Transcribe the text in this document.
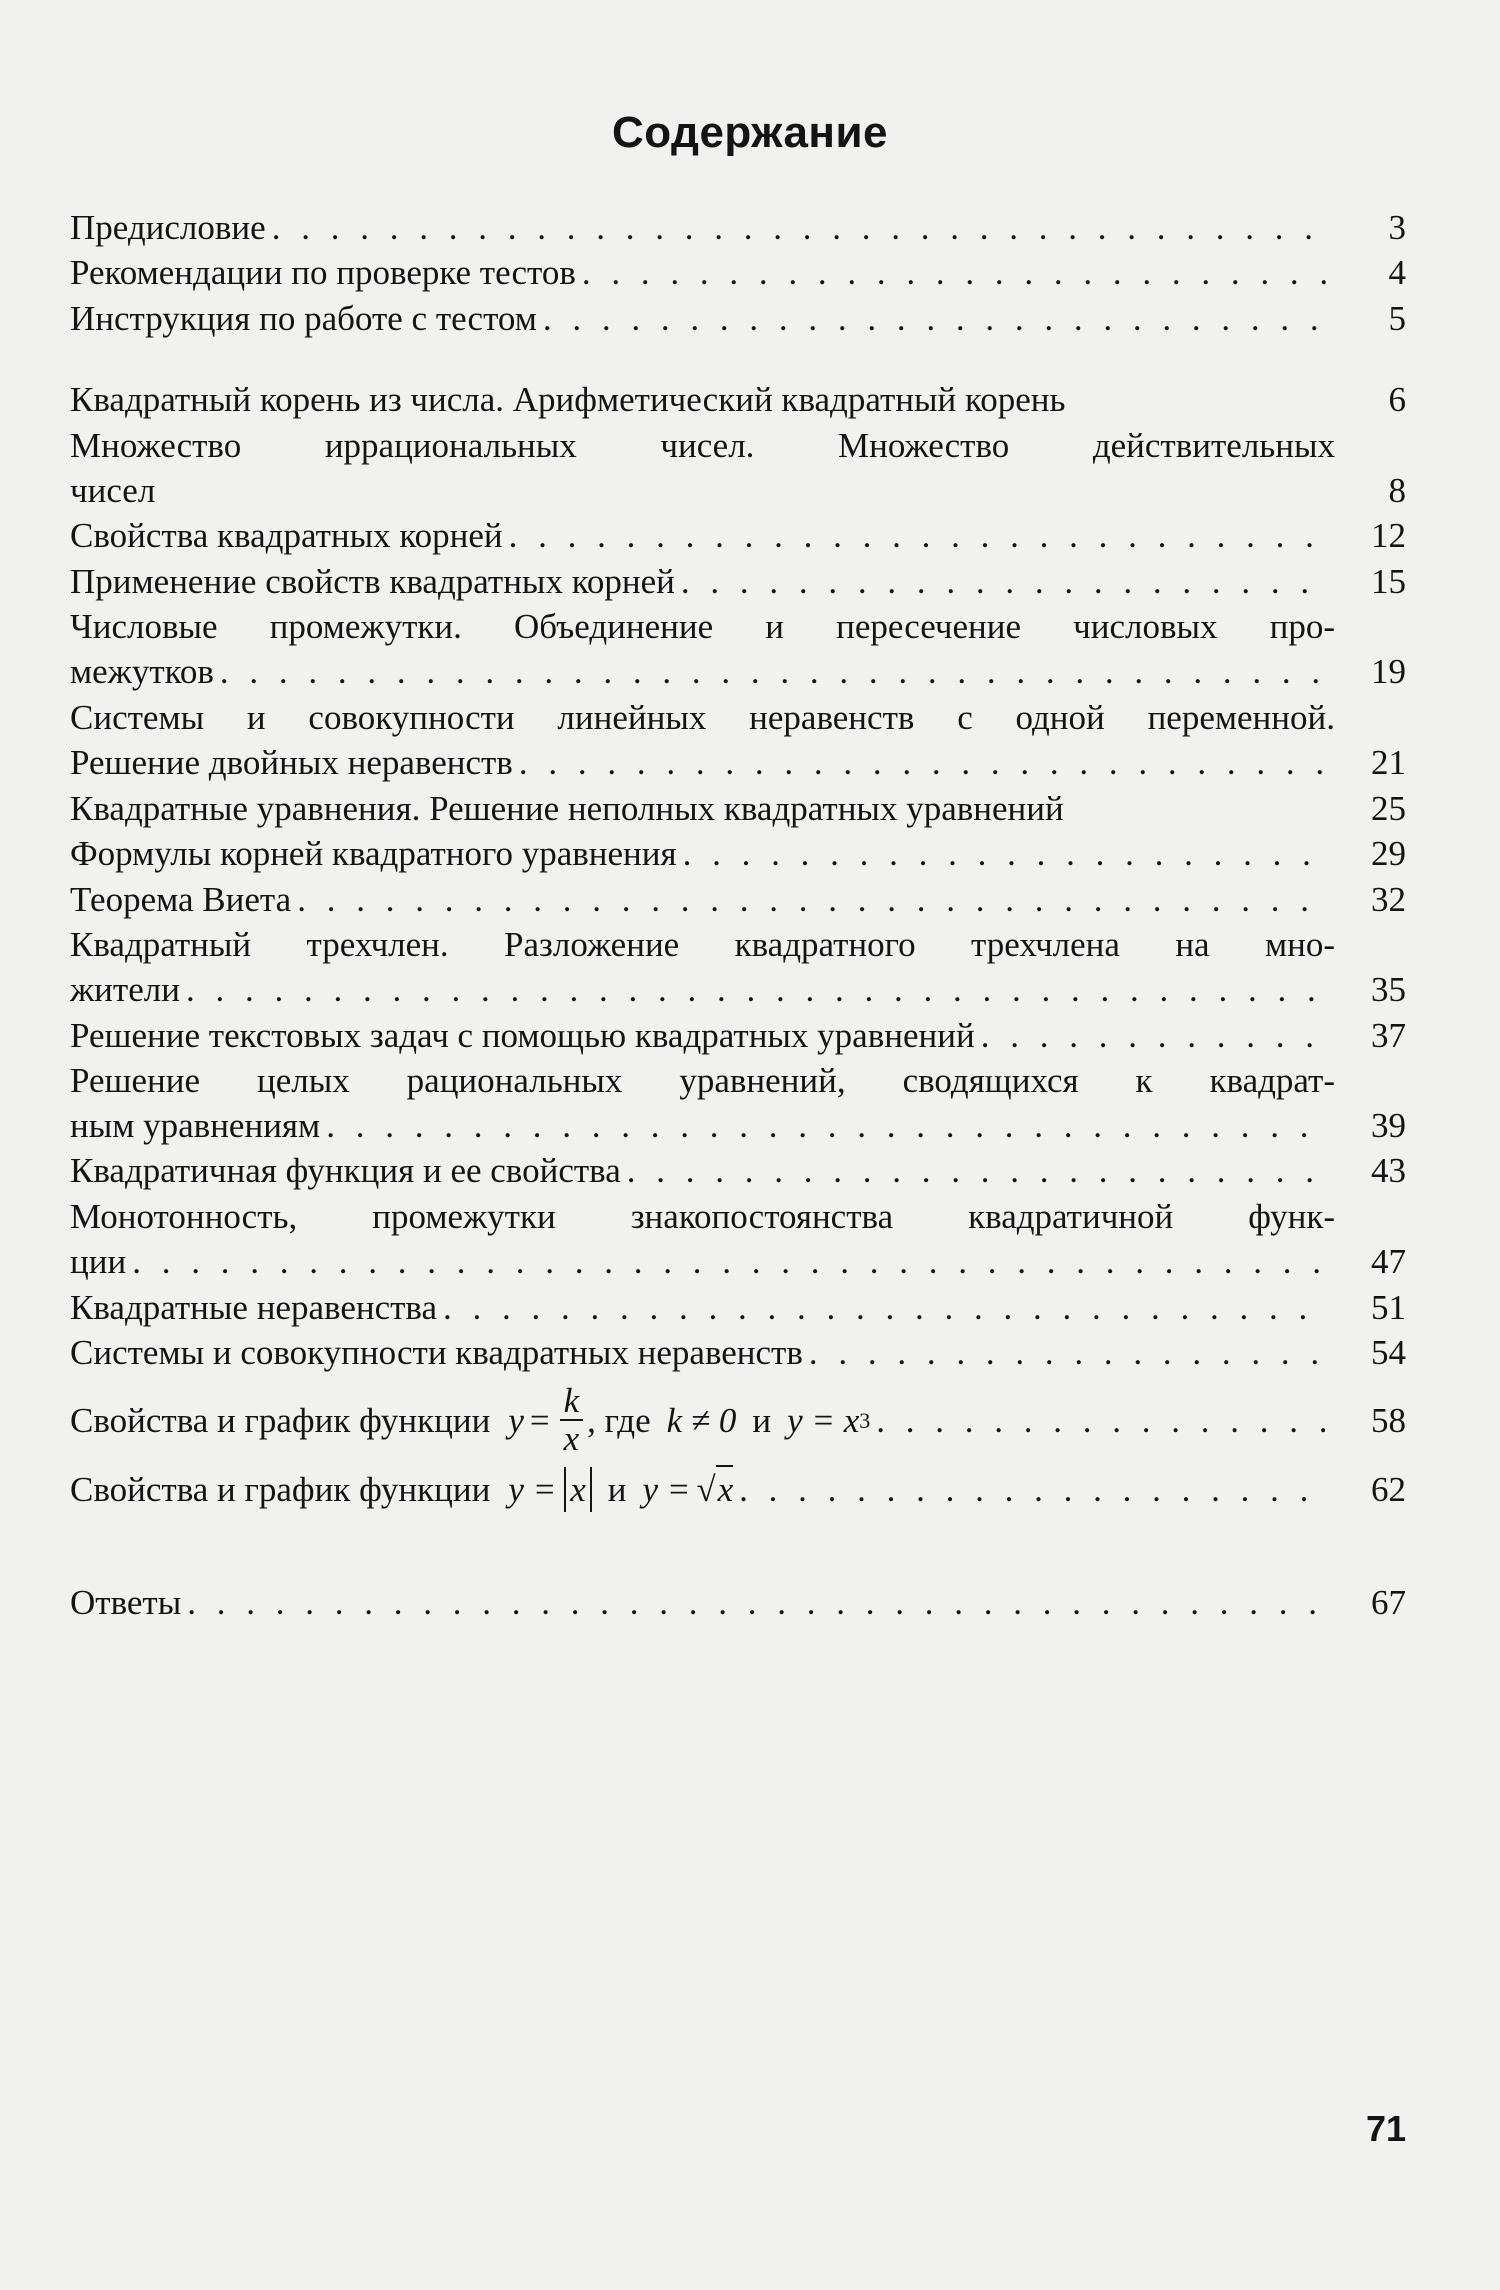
Содержание
Предисловие . . .	3
Рекомендации по проверке тестов . . .	4
Инструкция по работе с тестом . . .	5
Квадратный корень из числа. Арифметический квадратный корень	6
Множество иррациональных чисел. Множество действительных
чисел	8
Свойства квадратных корней . . .	12
Применение свойств квадратных корней . . .	15
Числовые промежутки. Объединение и пересечение числовых про-
межутков . . .	19
Системы и совокупности линейных неравенств с одной переменной.
Решение двойных неравенств . . .	21
Квадратные уравнения. Решение неполных квадратных уравнений	25
Формулы корней квадратного уравнения . . .	29
Теорема Виета . . .	32
Квадратный трехчлен. Разложение квадратного трехчлена на мно-
жители . . .	35
Решение текстовых задач с помощью квадратных уравнений . . .	37
Решение целых рациональных уравнений, сводящихся к квадрат-
ным уравнениям . . .	39
Квадратичная функция и ее свойства . . .	43
Монотонность, промежутки знакопостоянства квадратичной функ-
ции . . .	47
Квадратные неравенства . . .	51
Системы и совокупности квадратных неравенств . . .	54
Свойства и график функции $y = \frac{k}{x}$ , где k ≠ 0 и y = x 3 . . .	58
Свойства и график функции y = x и y = √ x . . .	62
Ответы . . .	67
71
